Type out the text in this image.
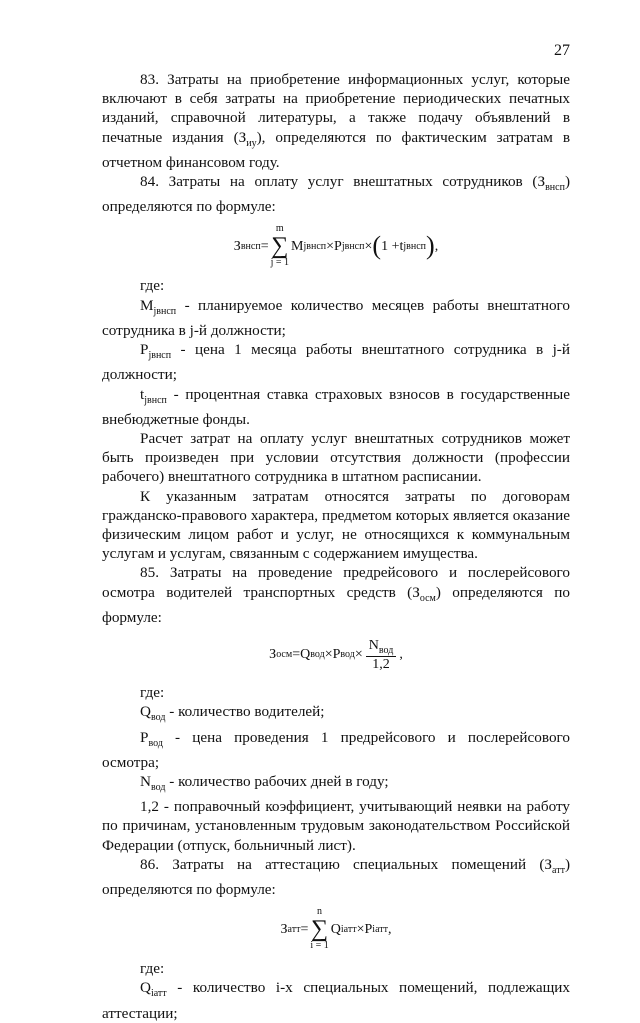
27

83. Затраты на приобретение информационных услуг, которые включают в себя затраты на приобретение периодических печатных изданий, справочной литературы, а также подачу объявлений в печатные издания $(З_{иу})$, определяются по фактическим затратам в отчетном финансовом году.

84. Затраты на оплату услуг внештатных сотрудников $(З_{внсп})$ определяются по формуле:

З внсп =
m
∑
j = 1
M jвнсп × P jвнсп × ( 1 + t jвнсп ) ,

где:

$M_{jвнсп}$ - планируемое количество месяцев работы внештатного сотрудника в j-й должности;

$P_{jвнсп}$ - цена 1 месяца работы внештатного сотрудника в j-й должности;

$t_{jвнсп}$ - процентная ставка страховых взносов в государственные внебюджетные фонды.

Расчет затрат на оплату услуг внештатных сотрудников может быть произведен при условии отсутствия должности (профессии рабочего) внештатного сотрудника в штатном расписании.

К указанным затратам относятся затраты по договорам гражданско-правового характера, предметом которых является оказание физическим лицом работ и услуг, не относящихся к коммунальным услугам и услугам, связанным с содержанием имущества.

85. Затраты на проведение предрейсового и послерейсового осмотра водителей транспортных средств $(З_{осм})$ определяются по формуле:

З осм = Q вод × P вод × $\frac{N_{вод}}{1,2}$ ,

где:

$Q_{вод}$ - количество водителей;

$P_{вод}$ - цена проведения 1 предрейсового и послерейсового осмотра;

$N_{вод}$ - количество рабочих дней в году;

1,2 - поправочный коэффициент, учитывающий неявки на работу по причинам, установленным трудовым законодательством Российской Федерации (отпуск, больничный лист).

86. Затраты на аттестацию специальных помещений $(З_{атт})$ определяются по формуле:

З атт =
n
∑
i = 1
Q iатт × P iатт ,

где:

$Q_{iатт}$ - количество i-х специальных помещений, подлежащих аттестации;
